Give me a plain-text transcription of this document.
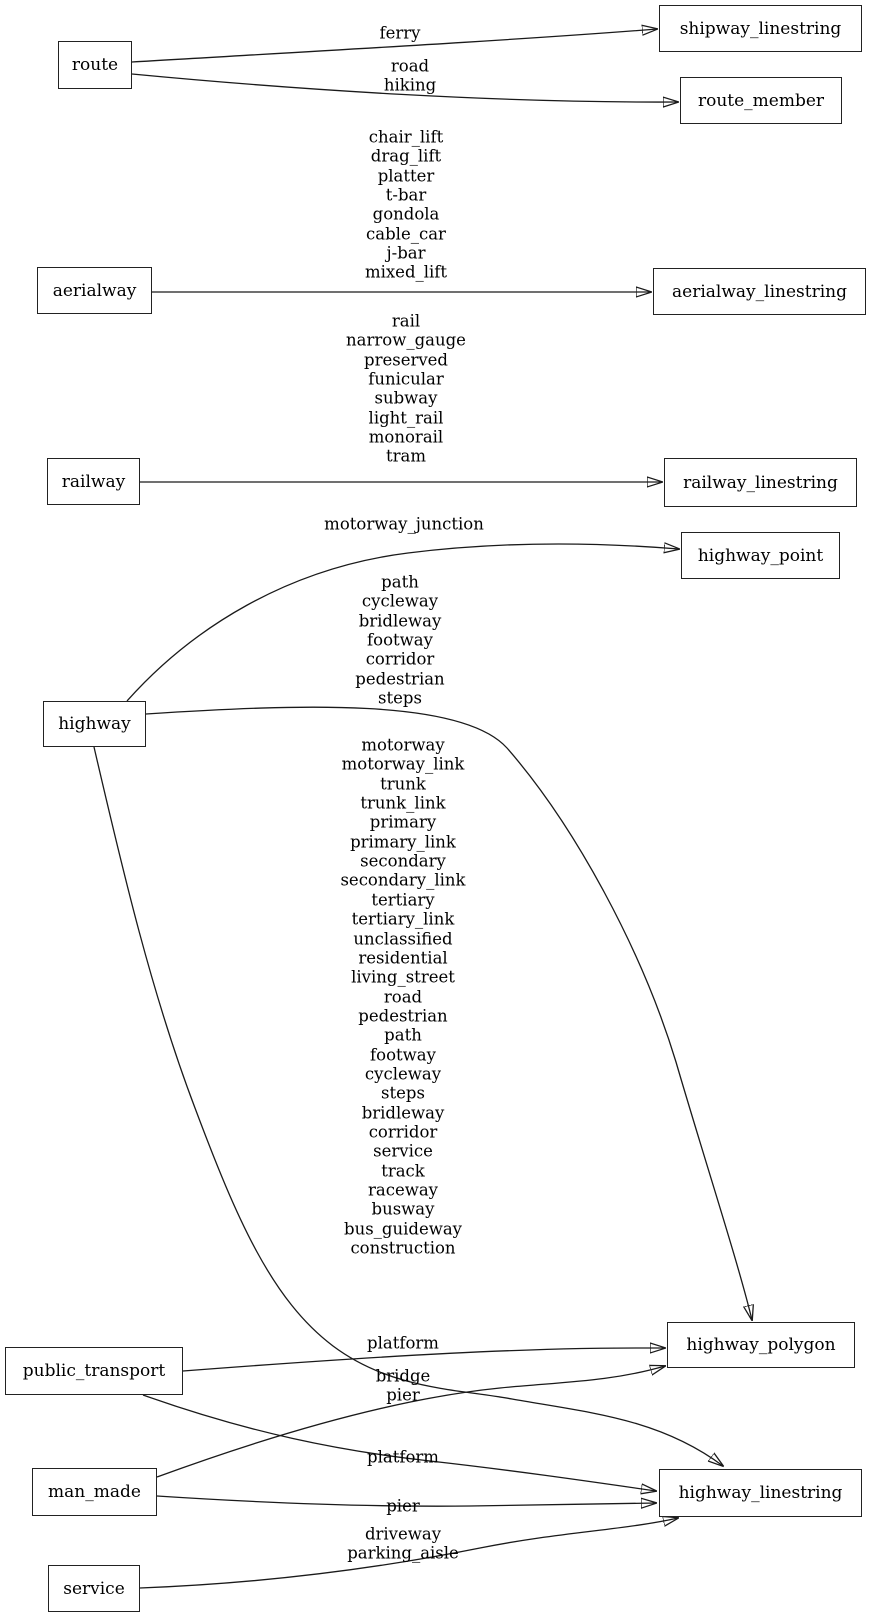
route
aerialway
railway
highway
public_transport
man_made
service
shipway_linestring
route_member
aerialway_linestring
railway_linestring
highway_point
highway_polygon
highway_linestring
ferry
road
hiking
chair_lift
drag_lift
platter
t-bar
gondola
cable_car
j-bar
mixed_lift
rail
narrow_gauge
preserved
funicular
subway
light_rail
monorail
tram
motorway_junction
path
cycleway
bridleway
footway
corridor
pedestrian
steps
motorway
motorway_link
trunk
trunk_link
primary
primary_link
secondary
secondary_link
tertiary
tertiary_link
unclassified
residential
living_street
road
pedestrian
path
footway
cycleway
steps
bridleway
corridor
service
track
raceway
busway
bus_guideway
construction
platform
bridge
pier
platform
pier
driveway
parking_aisle
